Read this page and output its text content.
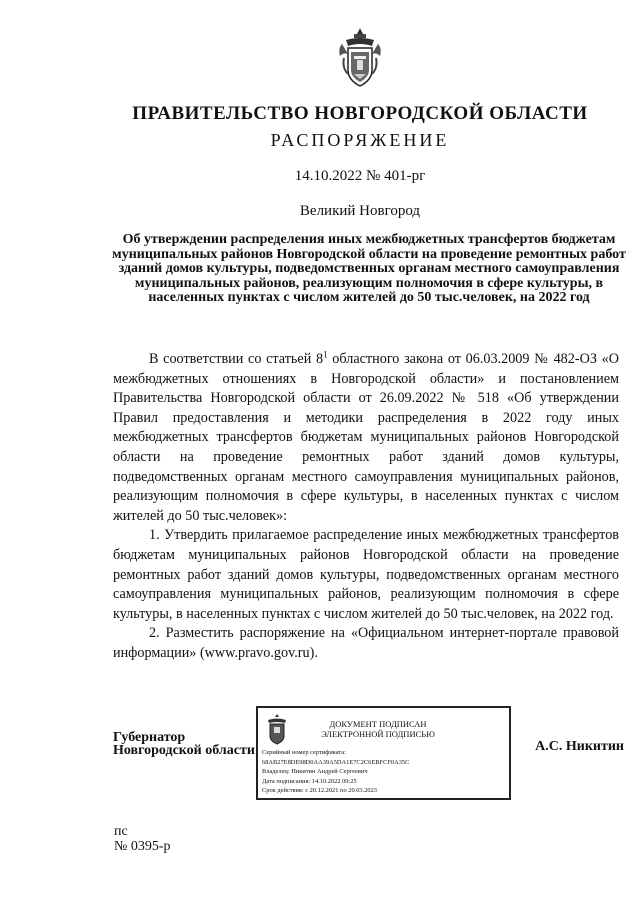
ПРАВИТЕЛЬСТВО НОВГОРОДСКОЙ ОБЛАСТИ
РАСПОРЯЖЕНИЕ
14.10.2022 № 401-рг
Великий Новгород
Об утверждении распределения иных межбюджетных трансфертов бюджетам муниципальных районов Новгородской области на проведение ремонтных работ зданий домов культуры, подведомственных органам местного самоуправления муниципальных районов, реализующим полномочия в сфере культуры, в населенных пунктах с числом жителей до 50 тыс.человек, на 2022 год

В соответствии со статьей $8^1$ областного закона от 06.03.2009 № 482-ОЗ «О межбюджетных отношениях в Новгородской области» и постановлением Правительства Новгородской области от 26.09.2022 № 518 «Об утверждении Правил предоставления и методики распределения в 2022 году иных межбюджетных трансфертов бюджетам муниципальных районов Новгородской области на проведение ремонтных работ зданий домов культуры, подведомственных органам местного самоуправления муниципальных районов, реализующим полномочия в сфере культуры, в населенных пунктах с числом жителей до 50 тыс.человек»:

1. Утвердить прилагаемое распределение иных межбюджетных трансфертов бюджетам муниципальных районов Новгородской области на проведение ремонтных работ зданий домов культуры, подведомственных органам местного самоуправления муниципальных районов, реализующим полномочия в сфере культуры, в населенных пунктах с числом жителей до 50 тыс.человек, на 2022 год.

2. Разместить распоряжение на «Официальном интернет-портале правовой информации» (www.pravo.gov.ru).

Губернатор
Новгородской области
ДОКУМЕНТ ПОДПИСАН
ЭЛЕКТРОННОЙ ПОДПИСЬЮ
Серийный номер сертификата:
68AB27E8DE98D0AA39A5DA1E7C2C6EBFCF0A35C
Владелец: Никитин Андрей Сергеевич
Дата подписания: 14.10.2022 09:25
Срок действия: с 20.12.2021 по 20.03.2023
А.С. Никитин
пс
№ 0395-р
